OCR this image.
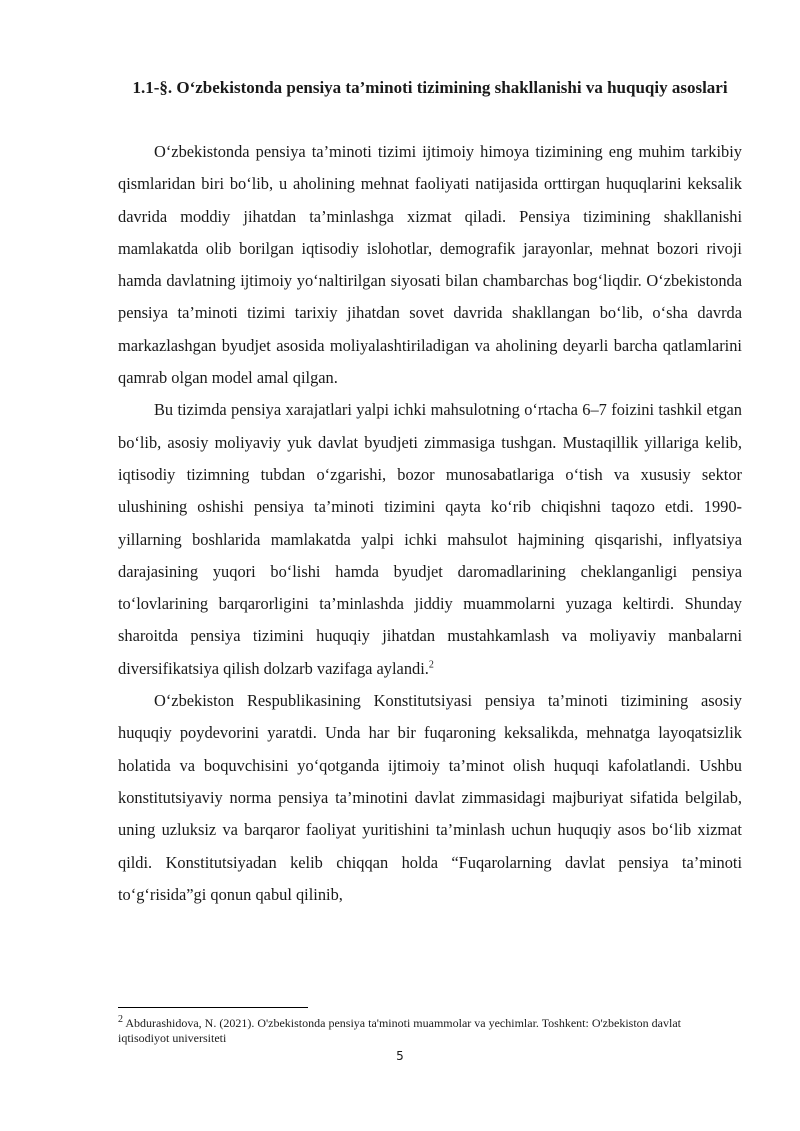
1.1-§. O‘zbekistonda pensiya ta’minoti tizimining shakllanishi va huquqiy asoslari

O‘zbekistonda pensiya ta’minoti tizimi ijtimoiy himoya tizimining eng muhim tarkibiy qismlaridan biri bo‘lib, u aholining mehnat faoliyati natijasida orttirgan huquqlarini keksalik davrida moddiy jihatdan ta’minlashga xizmat qiladi. Pensiya tizimining shakllanishi mamlakatda olib borilgan iqtisodiy islohotlar, demografik jarayonlar, mehnat bozori rivoji hamda davlatning ijtimoiy yo‘naltirilgan siyosati bilan chambarchas bog‘liqdir. O‘zbekistonda pensiya ta’minoti tizimi tarixiy jihatdan sovet davrida shakllangan bo‘lib, o‘sha davrda markazlashgan byudjet asosida moliyalashtiriladigan va aholining deyarli barcha qatlamlarini qamrab olgan model amal qilgan.

Bu tizimda pensiya xarajatlari yalpi ichki mahsulotning o‘rtacha 6–7 foizini tashkil etgan bo‘lib, asosiy moliyaviy yuk davlat byudjeti zimmasiga tushgan. Mustaqillik yillariga kelib, iqtisodiy tizimning tubdan o‘zgarishi, bozor munosabatlariga o‘tish va xususiy sektor ulushining oshishi pensiya ta’minoti tizimini qayta ko‘rib chiqishni taqozo etdi. 1990-yillarning boshlarida mamlakatda yalpi ichki mahsulot hajmining qisqarishi, inflyatsiya darajasining yuqori bo‘lishi hamda byudjet daromadlarining cheklanganligi pensiya to‘lovlarining barqarorligini ta’minlashda jiddiy muammolarni yuzaga keltirdi. Shunday sharoitda pensiya tizimini huquqiy jihatdan mustahkamlash va moliyaviy manbalarni diversifikatsiya qilish dolzarb vazifaga aylandi.$^2$

O‘zbekiston Respublikasining Konstitutsiyasi pensiya ta’minoti tizimining asosiy huquqiy poydevorini yaratdi. Unda har bir fuqaroning keksalikda, mehnatga layoqatsizlik holatida va boquvchisini yo‘qotganda ijtimoiy ta’minot olish huquqi kafolatlandi. Ushbu konstitutsiyaviy norma pensiya ta’minotini davlat zimmasidagi majburiyat sifatida belgilab, uning uzluksiz va barqaror faoliyat yuritishini ta’minlash uchun huquqiy asos bo‘lib xizmat qildi. Konstitutsiyadan kelib chiqqan holda “Fuqarolarning davlat pensiya ta’minoti to‘g‘risida”gi qonun qabul qilinib,

$^2$ Abdurashidova, N. (2021). O'zbekistonda pensiya ta'minoti muammolar va yechimlar. Toshkent: O'zbekiston davlat iqtisodiyot universiteti
5
